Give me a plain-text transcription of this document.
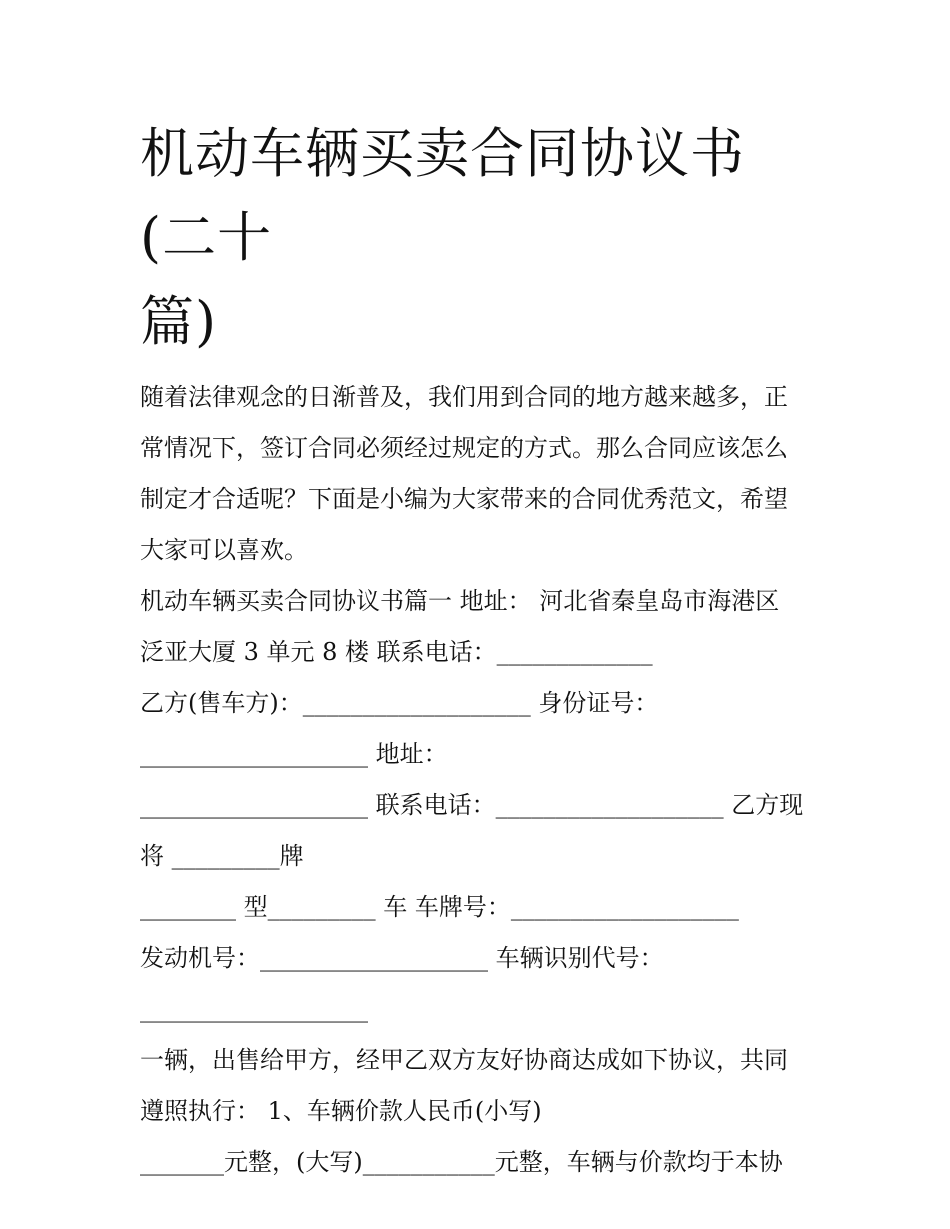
机动车辆买卖合同协议书(二十
篇)

随着法律观念的日渐普及，我们用到合同的地方越来越多，正

常情况下，签订合同必须经过规定的方式。那么合同应该怎么

制定才合适呢？下面是小编为大家带来的合同优秀范文，希望

大家可以喜欢。

机动车辆买卖合同协议书篇一 地址： 河北省秦皇岛市海港区

泛亚大厦 3 单元 8 楼 联系电话：_____________

乙方(售车方)：___________________ 身份证号：

___________________ 地址：

___________________ 联系电话：___________________ 乙方现

将 _________牌

________ 型_________ 车 车牌号：___________________

发动机号：___________________ 车辆识别代号：

___________________

一辆，出售给甲方，经甲乙双方友好协商达成如下协议，共同

遵照执行： 1、车辆价款人民币(小写)

_______元整，(大写)___________元整，车辆与价款均于本协
